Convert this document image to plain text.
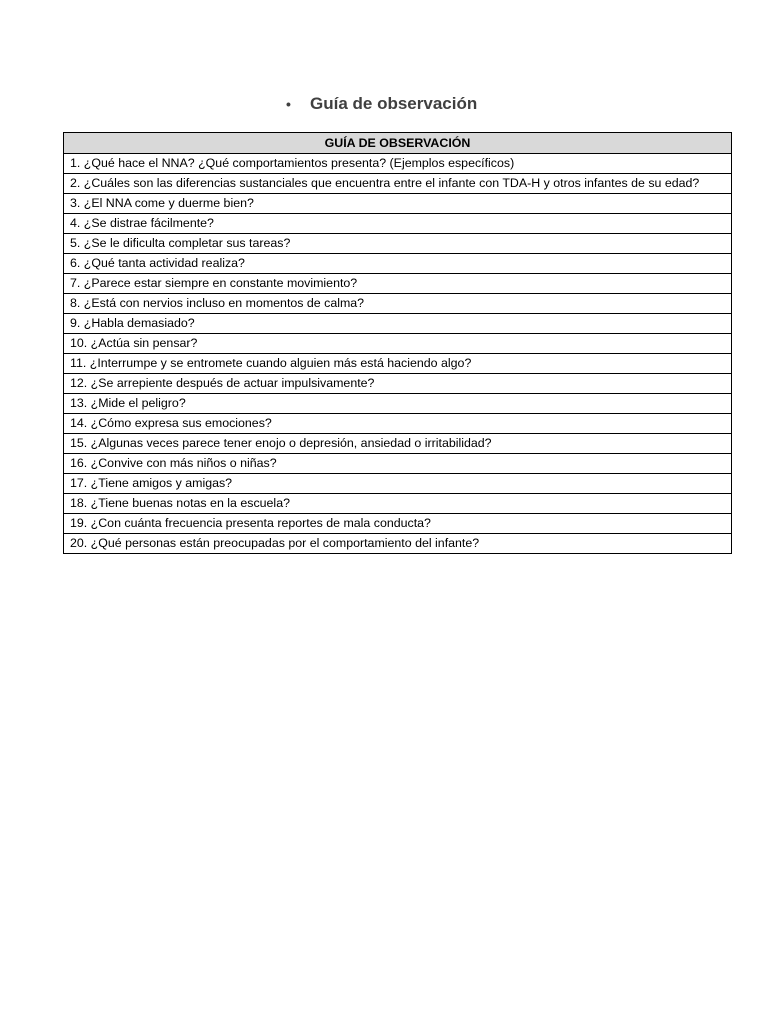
•	Guía de observación
GUÍA DE OBSERVACIÓN
1. ¿Qué hace el NNA? ¿Qué comportamientos presenta? (Ejemplos específicos)
2. ¿Cuáles son las diferencias sustanciales que encuentra entre el infante con TDA-H y otros infantes de su edad?
3. ¿El NNA come y duerme bien?
4. ¿Se distrae fácilmente?
5. ¿Se le dificulta completar sus tareas?
6. ¿Qué tanta actividad realiza?
7. ¿Parece estar siempre en constante movimiento?
8. ¿Está con nervios incluso en momentos de calma?
9. ¿Habla demasiado?
10. ¿Actúa sin pensar?
11. ¿Interrumpe y se entromete cuando alguien más está haciendo algo?
12. ¿Se arrepiente después de actuar impulsivamente?
13. ¿Mide el peligro?
14. ¿Cómo expresa sus emociones?
15. ¿Algunas veces parece tener enojo o depresión, ansiedad o irritabilidad?
16. ¿Convive con más niños o niñas?
17. ¿Tiene amigos y amigas?
18. ¿Tiene buenas notas en la escuela?
19. ¿Con cuánta frecuencia presenta reportes de mala conducta?
20. ¿Qué personas están preocupadas por el comportamiento del infante?
